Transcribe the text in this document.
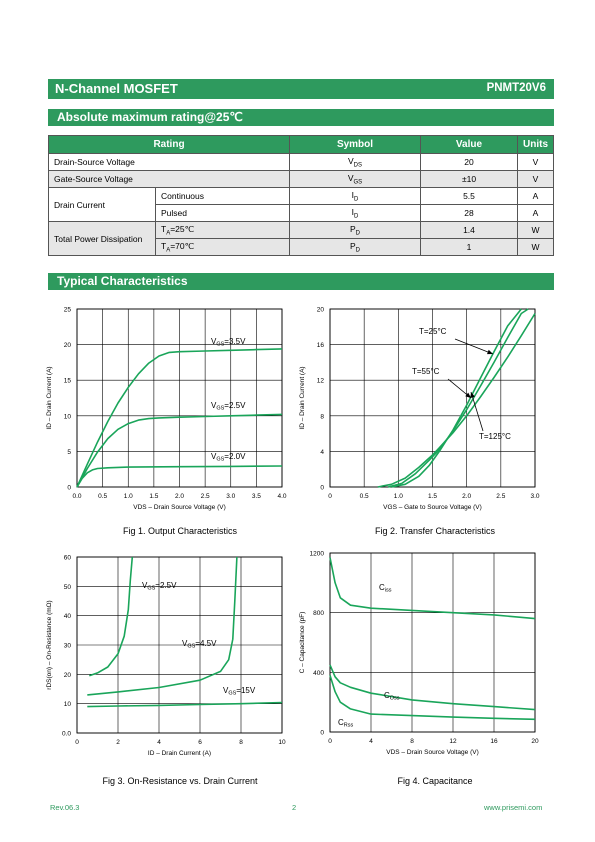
N-Channel MOSFET	PNMT20V6
Absolute maximum rating@25℃
Rating		Symbol	Value	Units
Drain-Source Voltage		$V_{DS}$	20	V
Gate-Source Voltage		$V_{GS}$	±10	V
Drain Current	Continuous	$I_D$	5.5	A
	Pulsed	$I_D$	28	A
Total Power Dissipation	$T_A=25℃$	$P_D$	1.4	W
	$T_A=70℃$	$P_D$	1	W
Typical Characteristics
0.0	0.5	1.0	1.5	2.0	2.5	3.0	3.5	4.0
0
5
10
15
20
25
VDS – Drain Source Voltage (V)
ID – Drain Current (A)
VGS=3.5V
VGS=2.5V
VGS=2.0V
0	0.5	1.0	1.5	2.0	2.5	3.0
0
4
8
12
16
20
VGS – Gate to Source Voltage (V)
ID – Drain Current (A)
T=25°C
T=55°C
T=125°C
0	2	4	6	8	10
0.0
10
20
30
40
50
60
ID – Drain Current (A)
rDS(on) – On-Resistance (mΩ)
VGS=2.5V
VGS=4.5V
VGS=15V
0	4	8	12	16	20
0
400
800
1200
VDS – Drain Source Voltage (V)
C – Capacitance (pF)
Ciss
COss
CRss
Fig 1. Output Characteristics	Fig 2. Transfer Characteristics
Fig 3. On-Resistance vs. Drain Current	Fig 4. Capacitance
Rev.06.3	2	www.prisemi.com
